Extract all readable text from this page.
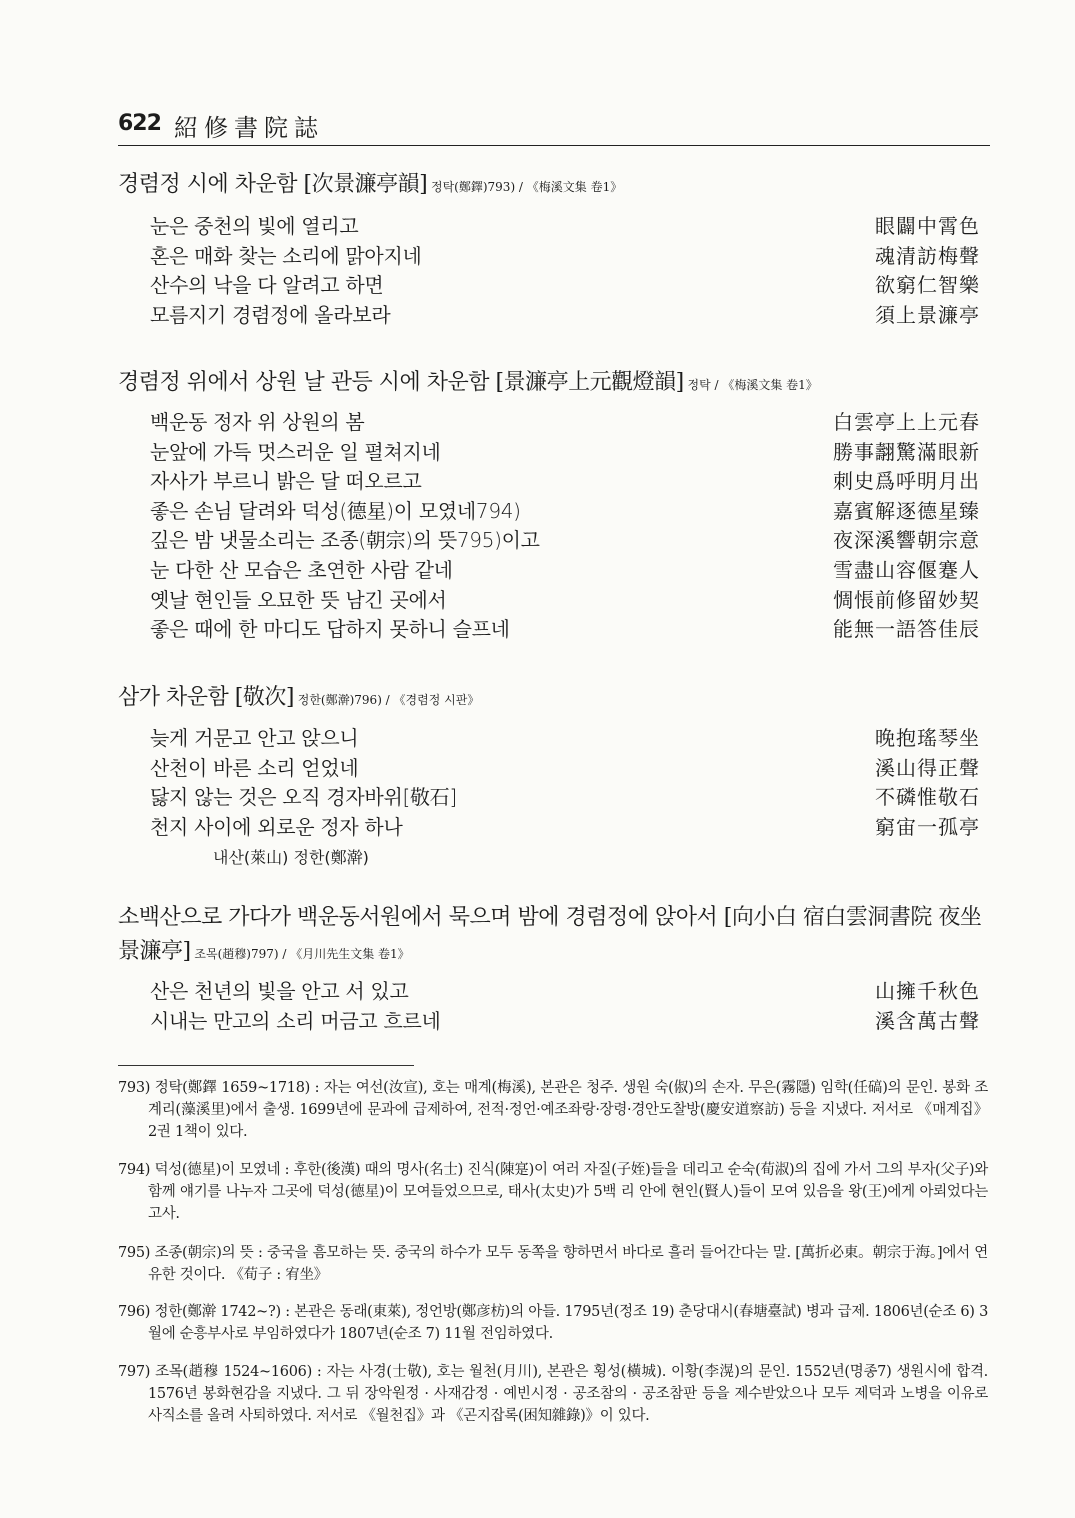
622 紹修書院誌
경렴정 시에 차운함 [次景濂亭韻] 정탁(鄭鐸)793) / 《梅溪文集 卷1》
눈은 중천의 빛에 열리고	眼闢中霄色
혼은 매화 찾는 소리에 맑아지네	魂清訪梅聲
산수의 낙을 다 알려고 하면	欲窮仁智樂
모름지기 경렴정에 올라보라	須上景濂亭
경렴정 위에서 상원 날 관등 시에 차운함 [景濂亭上元觀燈韻] 정탁 / 《梅溪文集 卷1》
백운동 정자 위 상원의 봄	白雲亭上上元春
눈앞에 가득 멋스러운 일 펼쳐지네	勝事翿驚滿眼新
자사가 부르니 밝은 달 떠오르고	刺史爲呼明月出
좋은 손님 달려와 덕성(德星)이 모였네794)	嘉賓解逐德星臻
깊은 밤 냇물소리는 조종(朝宗)의 뜻795)이고	夜深溪響朝宗意
눈 다한 산 모습은 초연한 사람 같네	雪盡山容偃蹇人
옛날 현인들 오묘한 뜻 남긴 곳에서	惆悵前修留妙契
좋은 때에 한 마디도 답하지 못하니 슬프네	能無一語答佳辰
삼가 차운함 [敬次] 정한(鄭澣)796) / 《경렴정 시판》
늦게 거문고 안고 앉으니	晚抱瑤琴坐
산천이 바른 소리 얻었네	溪山得正聲
닳지 않는 것은 오직 경자바위[敬石]	不磷惟敬石
천지 사이에 외로운 정자 하나	窮宙一孤亭
내산(萊山) 정한(鄭澣)
소백산으로 가다가 백운동서원에서 묵으며 밤에 경렴정에 앉아서 [向小白 宿白雲洞書院 夜坐景濂亭] 조목(趙穆)797) / 《月川先生文集 卷1》
산은 천년의 빛을 안고 서 있고	山擁千秋色
시내는 만고의 소리 머금고 흐르네	溪含萬古聲
793) 정탁(鄭鐸 1659~1718) : 자는 여선(汝宣), 호는 매계(梅溪), 본관은 청주. 생원 숙(俶)의 손자. 무은(霧隱) 임학(任碻)의 문인. 봉화 조계리(藻溪里)에서 출생. 1699년에 문과에 급제하여, 전적·정언·예조좌랑·장령·경안도찰방(慶安道察訪) 등을 지냈다. 저서로 《매계집》 2권 1책이 있다.
794) 덕성(德星)이 모였네 : 후한(後漢) 때의 명사(名士) 진식(陳寔)이 여러 자질(子姪)들을 데리고 순숙(荀淑)의 집에 가서 그의 부자(父子)와 함께 얘기를 나누자 그곳에 덕성(德星)이 모여들었으므로, 태사(太史)가 5백 리 안에 현인(賢人)들이 모여 있음을 왕(王)에게 아뢰었다는 고사.
795) 조종(朝宗)의 뜻 : 중국을 흠모하는 뜻. 중국의 하수가 모두 동쪽을 향하면서 바다로 흘러 들어간다는 말. [萬折必東。朝宗于海。]에서 연유한 것이다. 《荀子 : 宥坐》
796) 정한(鄭澣 1742~?) : 본관은 동래(東萊), 정언방(鄭彦枋)의 아들. 1795년(정조 19) 춘당대시(春塘臺試) 병과 급제. 1806년(순조 6) 3월에 순흥부사로 부임하였다가 1807년(순조 7) 11월 전임하였다.
797) 조목(趙穆 1524~1606) : 자는 사경(士敬), 호는 월천(月川), 본관은 횡성(橫城). 이황(李滉)의 문인. 1552년(명종7) 생원시에 합격. 1576년 봉화현감을 지냈다. 그 뒤 장악원정 · 사재감정 · 예빈시정 · 공조참의 · 공조참판 등을 제수받았으나 모두 제덕과 노병을 이유로 사직소를 올려 사퇴하였다. 저서로 《월천집》과 《곤지잡록(困知雜錄)》이 있다.
